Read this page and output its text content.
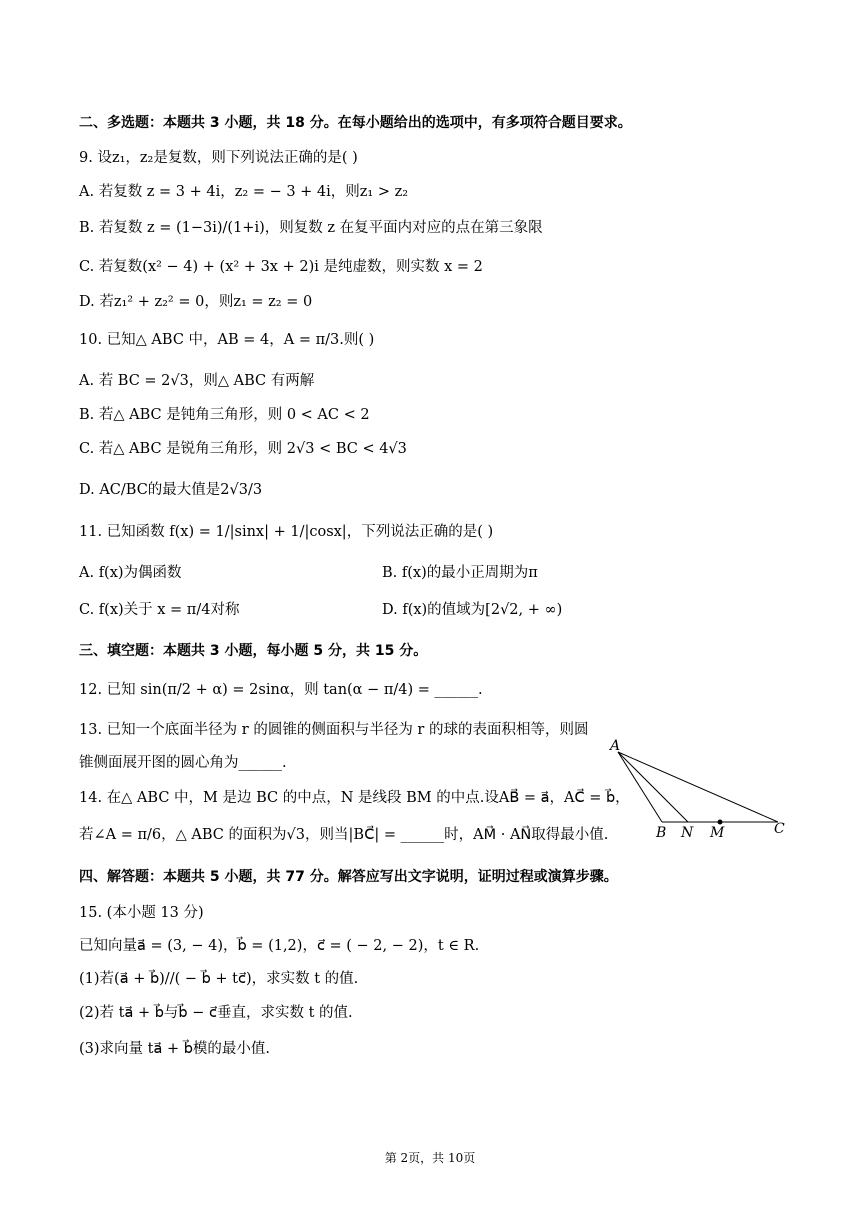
二、多选题：本题共 3 小题，共 18 分。在每小题给出的选项中，有多项符合题目要求。
9. 设z₁，z₂是复数，则下列说法正确的是( )
A. 若复数 z = 3 + 4i，z₂ = − 3 + 4i，则z₁ > z₂
B. 若复数 z = (1−3i)/(1+i)，则复数 z 在复平面内对应的点在第三象限
C. 若复数(x² − 4) + (x² + 3x + 2)i 是纯虚数，则实数 x = 2
D. 若z₁² + z₂² = 0，则z₁ = z₂ = 0
10. 已知△ ABC 中，AB = 4，A = π/3.则( )
A. 若 BC = 2√3，则△ ABC 有两解
B. 若△ ABC 是钝角三角形，则 0 < AC < 2
C. 若△ ABC 是锐角三角形，则 2√3 < BC < 4√3
D. AC/BC的最大值是2√3/3
11. 已知函数 f(x) = 1/|sinx| + 1/|cosx|，下列说法正确的是( )
A. f(x)为偶函数	B. f(x)的最小正周期为π
C. f(x)关于 x = π/4对称	D. f(x)的值域为[2√2, + ∞)
三、填空题：本题共 3 小题，每小题 5 分，共 15 分。
12. 已知 sin(π/2 + α) = 2sinα，则 tan(α − π/4) = ______.
13. 已知一个底面半径为 r 的圆锥的侧面积与半径为 r 的球的表面积相等，则圆
锥侧面展开图的圆心角为______.
14. 在△ ABC 中，M 是边 BC 的中点，N 是线段 BM 的中点.设AB⃗ = a⃗，AC⃗ = b⃗，
若∠A = π/6，△ ABC 的面积为√3，则当|BC⃗| = ______时，AM⃗ · AN⃗取得最小值.
A
B N M	C
四、解答题：本题共 5 小题，共 77 分。解答应写出文字说明，证明过程或演算步骤。
15. (本小题 13 分)
已知向量a⃗ = (3, − 4)，b⃗ = (1,2)，c⃗ = ( − 2, − 2)，t ∈ R.
(1)若(a⃗ + b⃗)//( − b⃗ + tc⃗)，求实数 t 的值.
(2)若 ta⃗ + b⃗与b⃗ − c⃗垂直，求实数 t 的值.
(3)求向量 ta⃗ + b⃗模的最小值.
第 2页，共 10页
